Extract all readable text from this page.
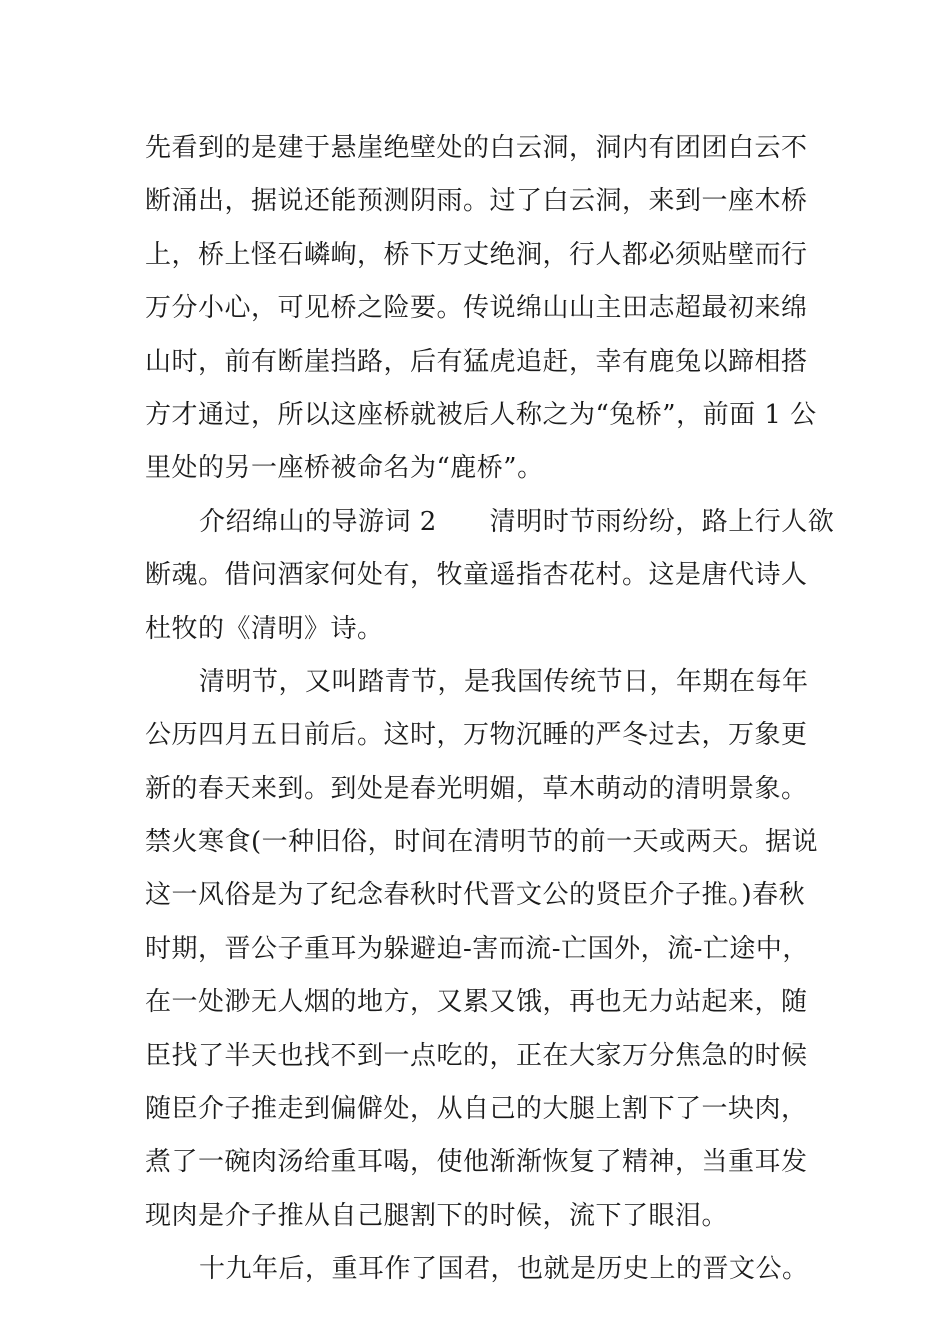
先看到的是建于悬崖绝壁处的白云洞，洞内有团团白云不
断涌出，据说还能预测阴雨。过了白云洞，来到一座木桥
上，桥上怪石嶙峋，桥下万丈绝涧，行人都必须贴壁而行
万分小心，可见桥之险要。传说绵山山主田志超最初来绵
山时，前有断崖挡路，后有猛虎追赶，幸有鹿兔以蹄相搭
方才通过，所以这座桥就被后人称之为“兔桥”，前面 1 公
里处的另一座桥被命名为“鹿桥”。
介绍绵山的导游词 2　　清明时节雨纷纷，路上行人欲
断魂。借问酒家何处有，牧童遥指杏花村。这是唐代诗人
杜牧的《清明》诗。
清明节，又叫踏青节，是我国传统节日，年期在每年
公历四月五日前后。这时，万物沉睡的严冬过去，万象更
新的春天来到。到处是春光明媚，草木萌动的清明景象。
禁火寒食(一种旧俗，时间在清明节的前一天或两天。据说
这一风俗是为了纪念春秋时代晋文公的贤臣介子推。)春秋
时期，晋公子重耳为躲避迫-害而流-亡国外，流-亡途中，
在一处渺无人烟的地方，又累又饿，再也无力站起来，随
臣找了半天也找不到一点吃的，正在大家万分焦急的时候
随臣介子推走到偏僻处，从自己的大腿上割下了一块肉，
煮了一碗肉汤给重耳喝，使他渐渐恢复了精神，当重耳发
现肉是介子推从自己腿割下的时候，流下了眼泪。
十九年后，重耳作了国君，也就是历史上的晋文公。
